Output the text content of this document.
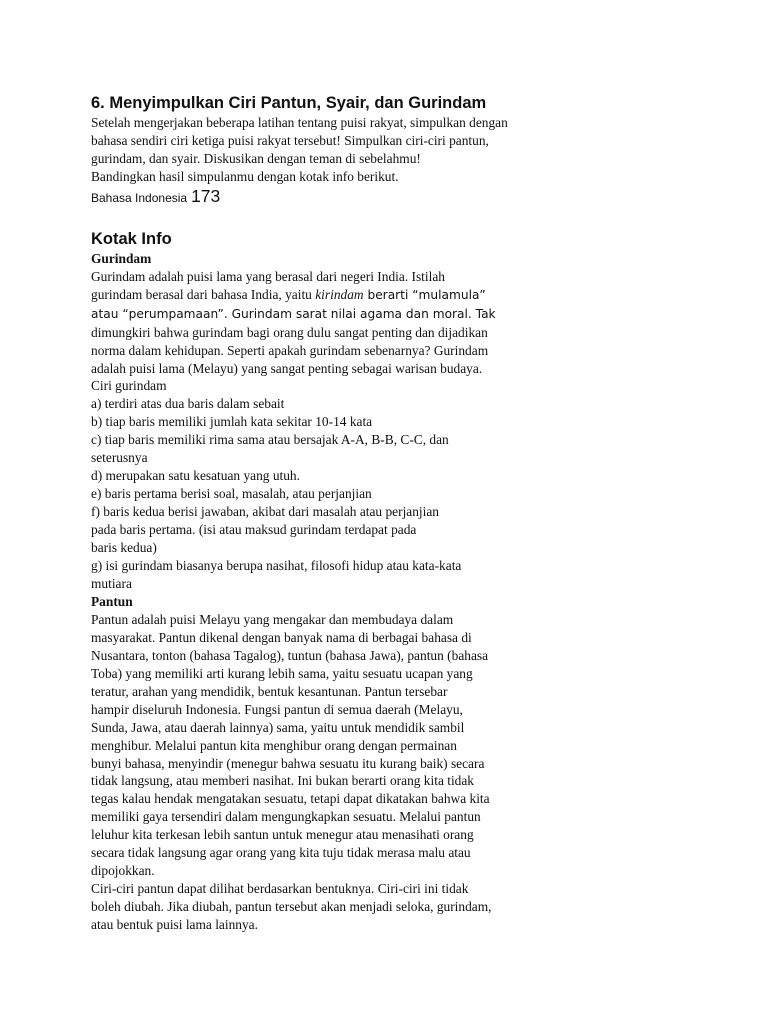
6. Menyimpulkan Ciri Pantun, Syair, dan Gurindam

Setelah mengerjakan beberapa latihan tentang puisi rakyat, simpulkan dengan

bahasa sendiri ciri ketiga puisi rakyat tersebut! Simpulkan ciri-ciri pantun,

gurindam, dan syair. Diskusikan dengan teman di sebelahmu!

Bandingkan hasil simpulanmu dengan kotak info berikut.

Bahasa Indonesia 173
Kotak Info

Gurindam

Gurindam adalah puisi lama yang berasal dari negeri India. Istilah

gurindam berasal dari bahasa India, yaitu kirindam berarti “mulamula”

atau “perumpamaan”. Gurindam sarat nilai agama dan moral. Tak

dimungkiri bahwa gurindam bagi orang dulu sangat penting dan dijadikan

norma dalam kehidupan. Seperti apakah gurindam sebenarnya? Gurindam

adalah puisi lama (Melayu) yang sangat penting sebagai warisan budaya.

Ciri gurindam

a) terdiri atas dua baris dalam sebait

b) tiap baris memiliki jumlah kata sekitar 10-14 kata

c) tiap baris memiliki rima sama atau bersajak A-A, B-B, C-C, dan

seterusnya

d) merupakan satu kesatuan yang utuh.

e) baris pertama berisi soal, masalah, atau perjanjian

f) baris kedua berisi jawaban, akibat dari masalah atau perjanjian

pada baris pertama. (isi atau maksud gurindam terdapat pada

baris kedua)

g) isi gurindam biasanya berupa nasihat, filosofi hidup atau kata-kata

mutiara

Pantun

Pantun adalah puisi Melayu yang mengakar dan membudaya dalam

masyarakat. Pantun dikenal dengan banyak nama di berbagai bahasa di

Nusantara, tonton (bahasa Tagalog), tuntun (bahasa Jawa), pantun (bahasa

Toba) yang memiliki arti kurang lebih sama, yaitu sesuatu ucapan yang

teratur, arahan yang mendidik, bentuk kesantunan. Pantun tersebar

hampir diseluruh Indonesia. Fungsi pantun di semua daerah (Melayu,

Sunda, Jawa, atau daerah lainnya) sama, yaitu untuk mendidik sambil

menghibur. Melalui pantun kita menghibur orang dengan permainan

bunyi bahasa, menyindir (menegur bahwa sesuatu itu kurang baik) secara

tidak langsung, atau memberi nasihat. Ini bukan berarti orang kita tidak

tegas kalau hendak mengatakan sesuatu, tetapi dapat dikatakan bahwa kita

memiliki gaya tersendiri dalam mengungkapkan sesuatu. Melalui pantun

leluhur kita terkesan lebih santun untuk menegur atau menasihati orang

secara tidak langsung agar orang yang kita tuju tidak merasa malu atau

dipojokkan.

Ciri-ciri pantun dapat dilihat berdasarkan bentuknya. Ciri-ciri ini tidak

boleh diubah. Jika diubah, pantun tersebut akan menjadi seloka, gurindam,

atau bentuk puisi lama lainnya.
